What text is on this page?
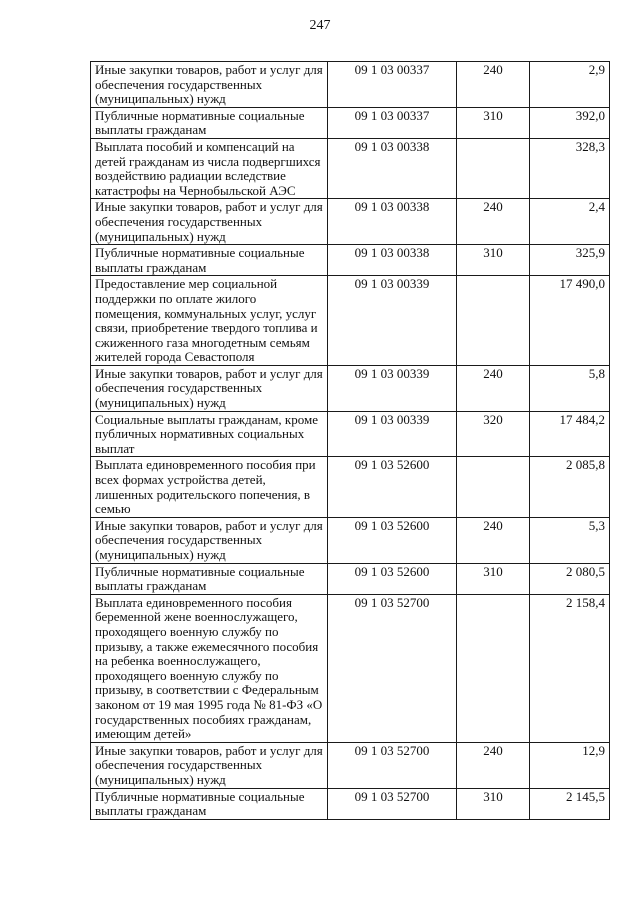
247
Иные закупки товаров, работ и услуг для обеспечения государственных (муниципальных) нужд	09 1 03 00337	240	2,9
Публичные нормативные социальные выплаты гражданам	09 1 03 00337	310	392,0
Выплата пособий и компенсаций на детей гражданам из числа подвергшихся воздействию радиации вследствие катастрофы на Чернобыльской АЭС	09 1 03 00338		328,3
Иные закупки товаров, работ и услуг для обеспечения государственных (муниципальных) нужд	09 1 03 00338	240	2,4
Публичные нормативные социальные выплаты гражданам	09 1 03 00338	310	325,9
Предоставление мер социальной поддержки по оплате жилого помещения, коммунальных услуг, услуг связи, приобретение твердого топлива и сжиженного газа многодетным семьям жителей города Севастополя	09 1 03 00339		17 490,0
Иные закупки товаров, работ и услуг для обеспечения государственных (муниципальных) нужд	09 1 03 00339	240	5,8
Социальные выплаты гражданам, кроме публичных нормативных социальных выплат	09 1 03 00339	320	17 484,2
Выплата единовременного пособия при всех формах устройства детей, лишенных родительского попечения, в семью	09 1 03 52600		2 085,8
Иные закупки товаров, работ и услуг для обеспечения государственных (муниципальных) нужд	09 1 03 52600	240	5,3
Публичные нормативные социальные выплаты гражданам	09 1 03 52600	310	2 080,5
Выплата единовременного пособия беременной жене военнослужащего, проходящего военную службу по призыву, а также ежемесячного пособия на ребенка военнослужащего, проходящего военную службу по призыву, в соответствии с Федеральным законом от 19 мая 1995 года № 81-ФЗ «О государственных пособиях гражданам, имеющим детей»	09 1 03 52700		2 158,4
Иные закупки товаров, работ и услуг для обеспечения государственных (муниципальных) нужд	09 1 03 52700	240	12,9
Публичные нормативные социальные выплаты гражданам	09 1 03 52700	310	2 145,5
